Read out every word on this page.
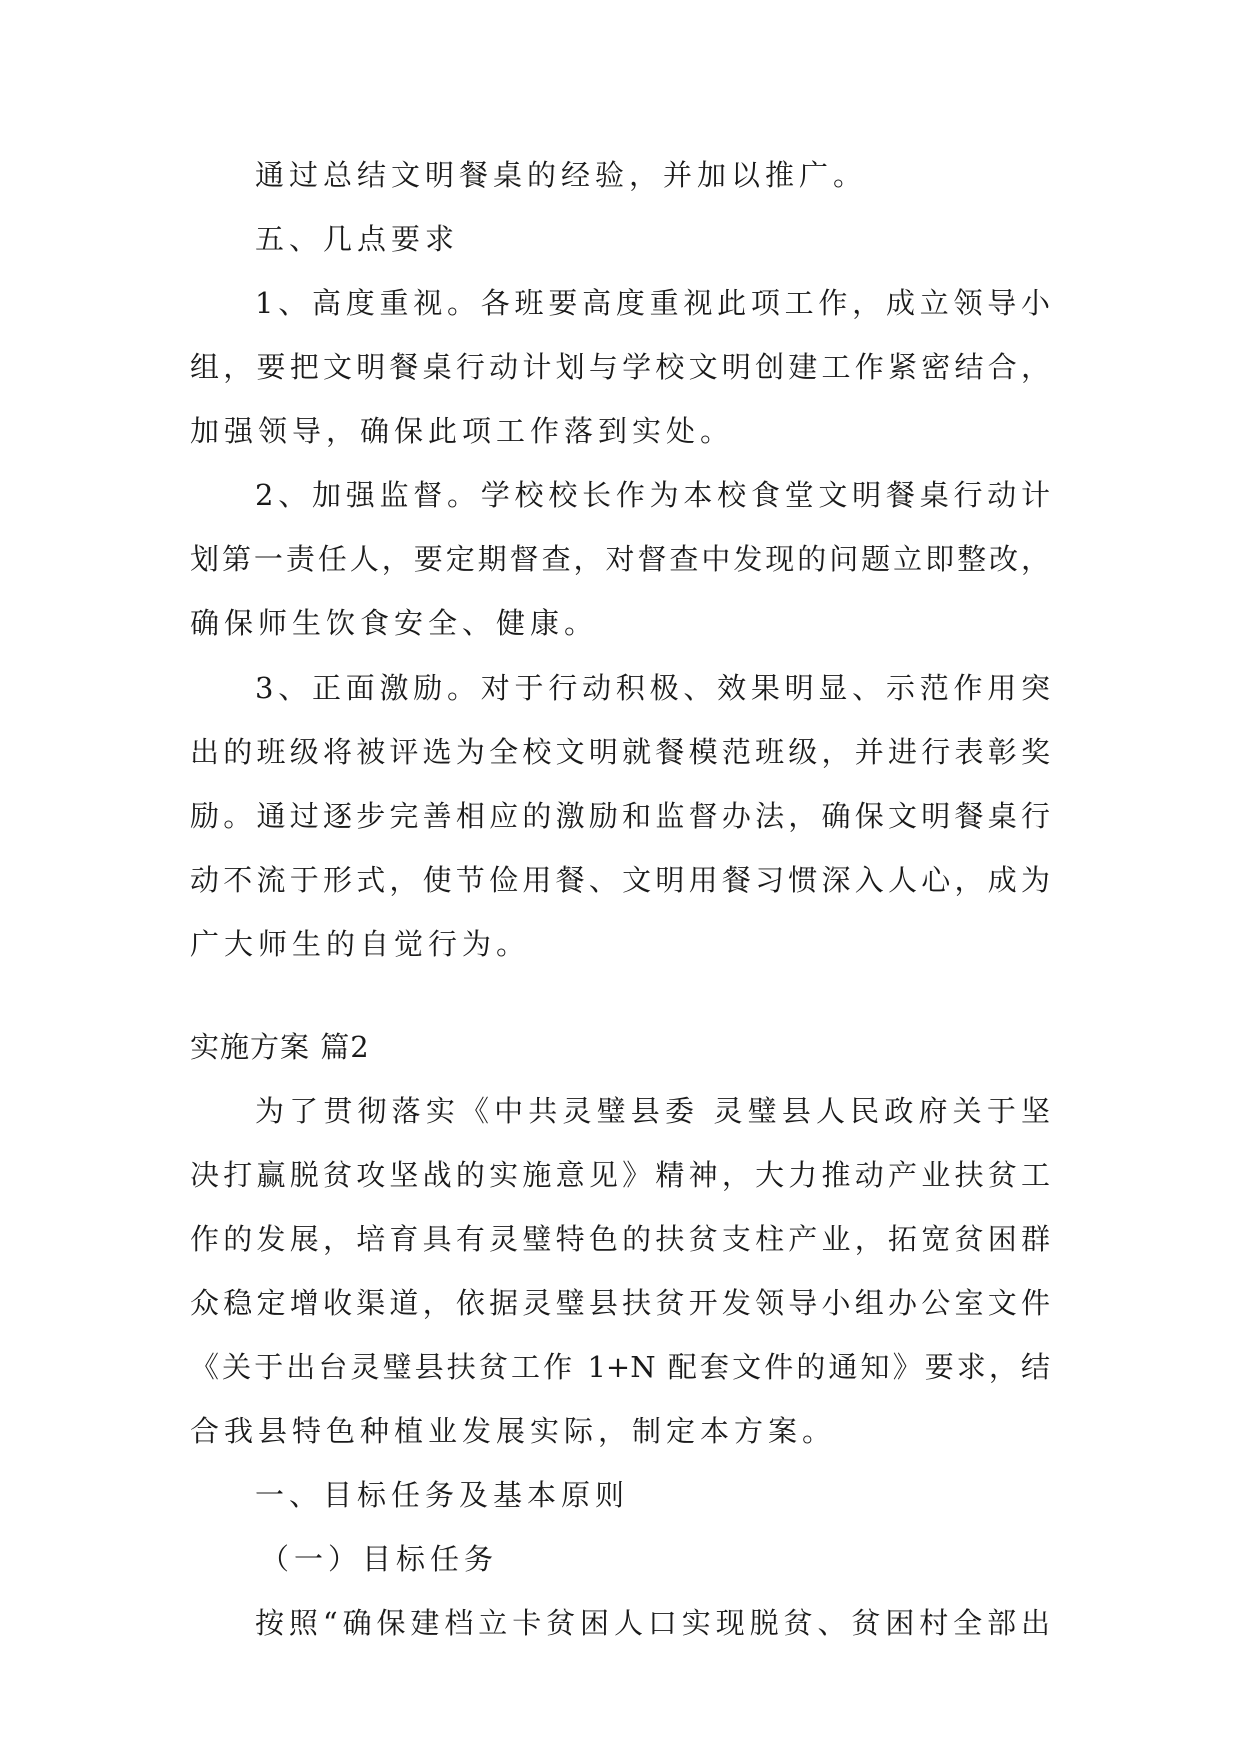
通过总结文明餐桌的经验，并加以推广。
五、几点要求
1、高度重视。各班要高度重视此项工作，成立领导小
组，要把文明餐桌行动计划与学校文明创建工作紧密结合，
加强领导，确保此项工作落到实处。
2、加强监督。学校校长作为本校食堂文明餐桌行动计
划第一责任人，要定期督查，对督查中发现的问题立即整改，
确保师生饮食安全、健康。
3、正面激励。对于行动积极、效果明显、示范作用突
出的班级将被评选为全校文明就餐模范班级，并进行表彰奖
励。通过逐步完善相应的激励和监督办法，确保文明餐桌行
动不流于形式，使节俭用餐、文明用餐习惯深入人心，成为
广大师生的自觉行为。
实施方案 篇2
为了贯彻落实《中共灵璧县委 灵璧县人民政府关于坚
决打赢脱贫攻坚战的实施意见》精神，大力推动产业扶贫工
作的发展，培育具有灵璧特色的扶贫支柱产业，拓宽贫困群
众稳定增收渠道，依据灵璧县扶贫开发领导小组办公室文件
《关于出台灵璧县扶贫工作 1+N 配套文件的通知》要求，结
合我县特色种植业发展实际，制定本方案。
一、目标任务及基本原则
（一）目标任务
按照“确保建档立卡贫困人口实现脱贫、贫困村全部出
